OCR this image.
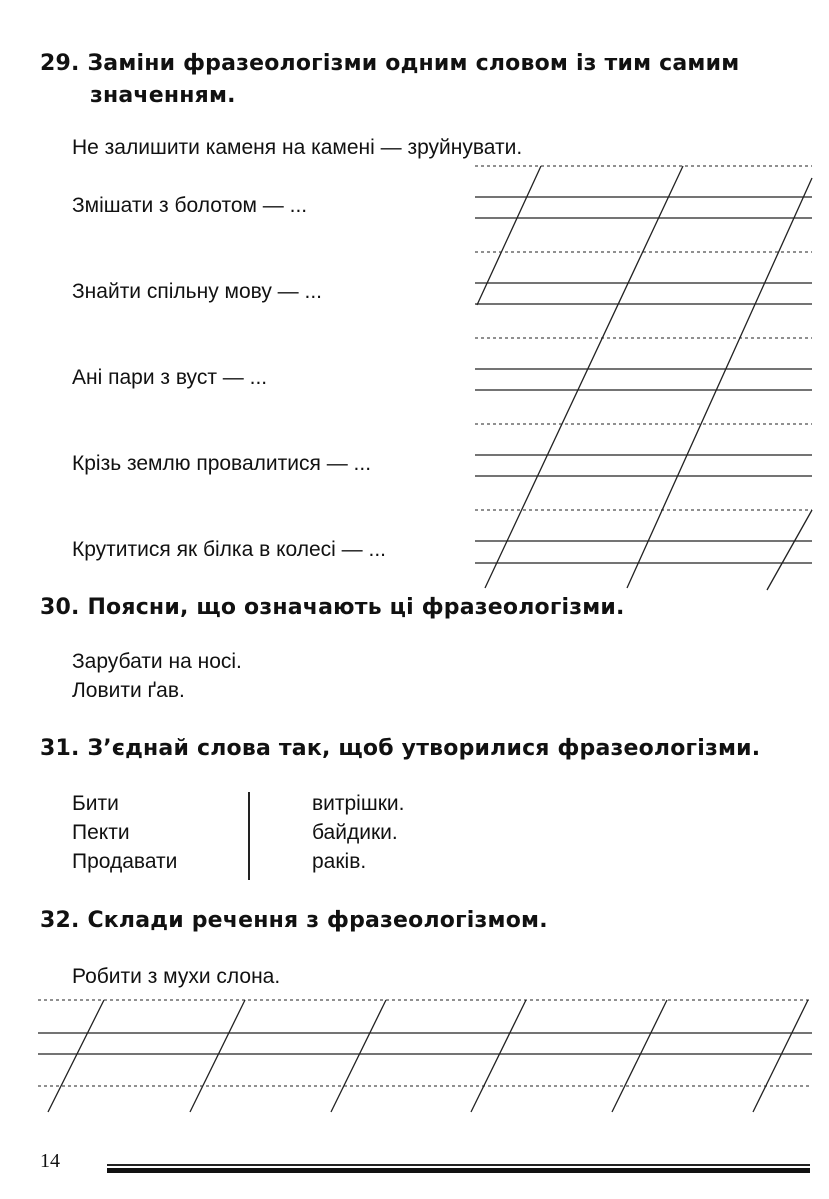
29. Заміни фразеологізми одним словом із тим самим
значенням.
Не залишити каменя на камені — зруйнувати.
Змішати з болотом — ...
Знайти спільну мову — ...
Ані пари з вуст — ...
Крізь землю провалитися — ...
Крутитися як білка в колесі — ...
30. Поясни, що означають ці фразеологізми.
Зарубати на носі.
Ловити ґав.
31. З’єднай слова так, щоб утворилися фразеологізми.
Бити
Пекти
Продавати
витрішки.
байдики.
раків.
32. Склади речення з фразеологізмом.
Робити з мухи слона.
14
